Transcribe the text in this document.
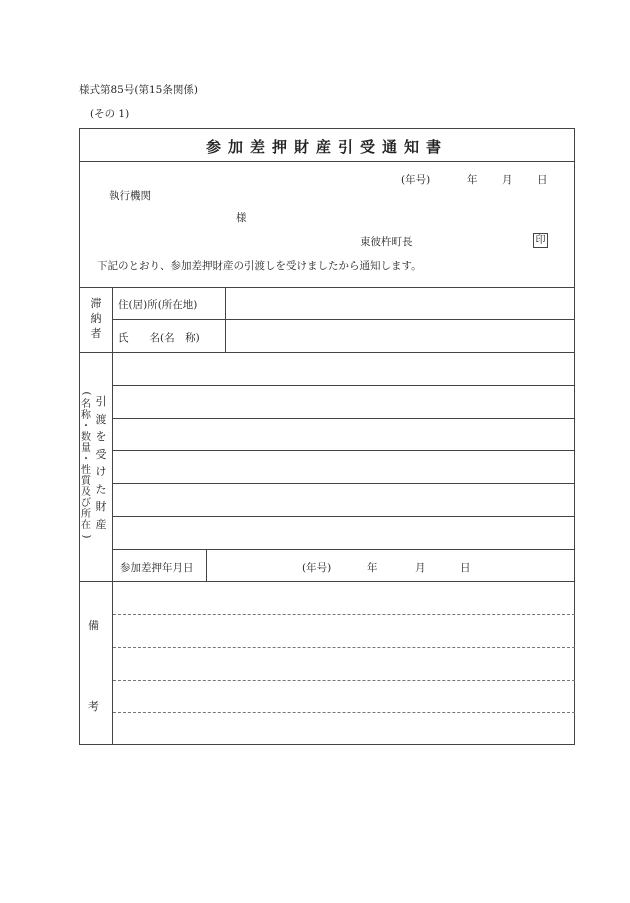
様式第85号(第15条関係)
(その 1)
参加差押財産引受通知書
(年号)	年 月 日
執行機関
様
東彼杵町長	印
下記のとおり、参加差押財産の引渡しを受けましたから通知します。
滞
納
者
住(居)所(所在地)
氏　　名(名　称)
引
渡
を
受
け
た
財
産
(
名
称
・
数
量
・
性
質
及
び
所
在
)
参加差押年月日	(年号)	年	月	日
備
考
